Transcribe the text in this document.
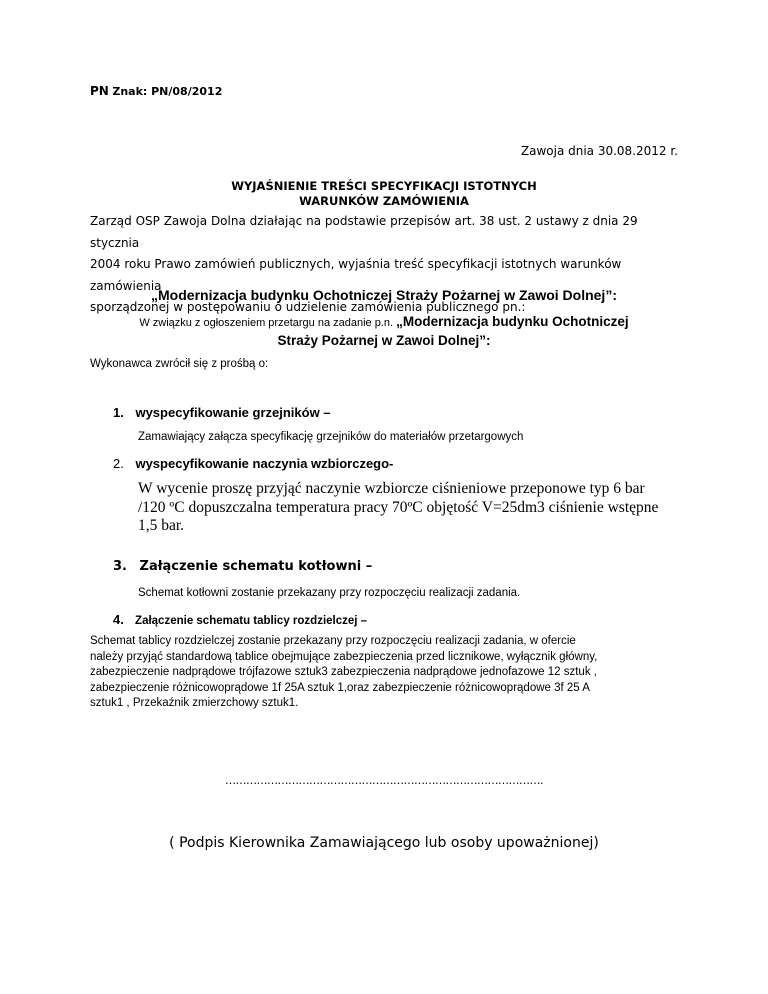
PN Znak: PN/08/2012
Zawoja dnia 30.08.2012 r.
WYJAŚNIENIE TREŚCI SPECYFIKACJI ISTOTNYCH
WARUNKÓW ZAMÓWIENIA
Zarząd OSP Zawoja Dolna działając na podstawie przepisów art. 38 ust. 2 ustawy z dnia 29 stycznia
2004 roku Prawo zamówień publicznych, wyjaśnia treść specyfikacji istotnych warunków zamówienia
sporządzonej w postępowaniu o udzielenie zamówienia publicznego pn.:
„Modernizacja budynku Ochotniczej Straży Pożarnej w Zawoi Dolnej”:
W związku z ogłoszeniem przetargu na zadanie p.n. „Modernizacja budynku Ochotniczej
Straży Pożarnej w Zawoi Dolnej”:
Wykonawca zwrócił się z prośbą o:
1. wyspecyfikowanie grzejników –
Zamawiający załącza specyfikację grzejników do materiałów przetargowych
2. wyspecyfikowanie naczynia wzbiorczego-
W wycenie proszę przyjąć naczynie wzbiorcze ciśnieniowe przeponowe typ 6 bar
/120 ºC dopuszczalna temperatura pracy 70ºC objętość V=25dm3 ciśnienie wstępne
1,5 bar.
3. Załączenie schematu kotłowni –
Schemat kotłowni zostanie przekazany przy rozpoczęciu realizacji zadania.
4. Załączenie schematu tablicy rozdzielczej –
Schemat tablicy rozdzielczej zostanie przekazany przy rozpoczęciu realizacji zadania, w ofercie
należy przyjąć standardową tablice obejmujące zabezpieczenia przed licznikowe, wyłącznik główny,
zabezpieczenie nadprądowe trójfazowe sztuk3 zabezpieczenia nadprądowe jednofazowe 12 sztuk ,
zabezpieczenie różnicowoprądowe 1f 25A sztuk 1,oraz zabezpieczenie różnicowoprądowe 3f 25 A
sztuk1 , Przekaźnik zmierzchowy sztuk1.
……………………………………………………………………………….
( Podpis Kierownika Zamawiającego lub osoby upoważnionej)
